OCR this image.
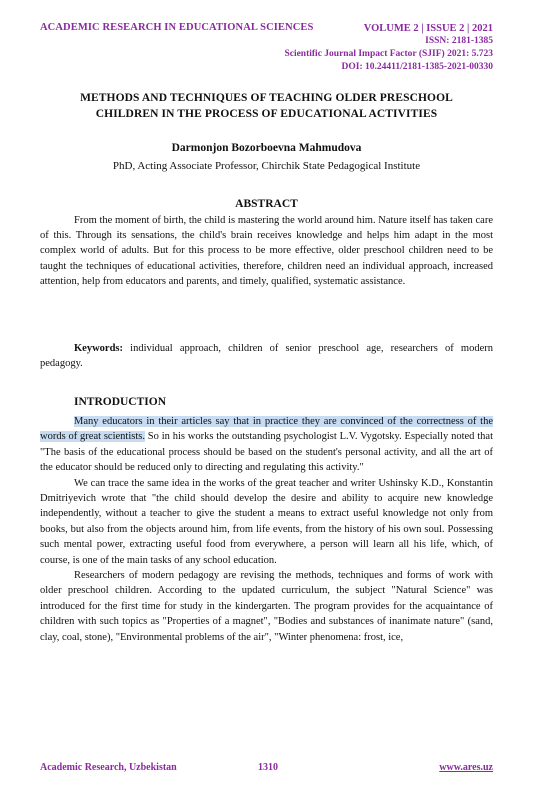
ACADEMIC RESEARCH IN EDUCATIONAL SCIENCES	VOLUME 2 | ISSUE 2 | 2021
ISSN: 2181-1385
Scientific Journal Impact Factor (SJIF) 2021: 5.723
DOI: 10.24411/2181-1385-2021-00330
METHODS AND TECHNIQUES OF TEACHING OLDER PRESCHOOL
CHILDREN IN THE PROCESS OF EDUCATIONAL ACTIVITIES
Darmonjon Bozorboevna Mahmudova
PhD, Acting Associate Professor, Chirchik State Pedagogical Institute
ABSTRACT

From the moment of birth, the child is mastering the world around him. Nature itself has taken care of this. Through its sensations, the child's brain receives knowledge and helps him adapt in the most complex world of adults. But for this process to be more effective, older preschool children need to be taught the techniques of educational activities, therefore, children need an individual approach, increased attention, help from educators and parents, and timely, qualified, systematic assistance.

Keywords: individual approach, children of senior preschool age, researchers of modern pedagogy.

INTRODUCTION

Many educators in their articles say that in practice they are convinced of the correctness of the words of great scientists. So in his works the outstanding psychologist L.V. Vygotsky. Especially noted that "The basis of the educational process should be based on the student's personal activity, and all the art of the educator should be reduced only to directing and regulating this activity."

We can trace the same idea in the works of the great teacher and writer Ushinsky K.D., Konstantin Dmitriyevich wrote that "the child should develop the desire and ability to acquire new knowledge independently, without a teacher to give the student a means to extract useful knowledge not only from books, but also from the objects around him, from life events, from the history of his own soul. Possessing such mental power, extracting useful food from everywhere, a person will learn all his life, which, of course, is one of the main tasks of any school education.

Researchers of modern pedagogy are revising the methods, techniques and forms of work with older preschool children. According to the updated curriculum, the subject "Natural Science" was introduced for the first time for study in the kindergarten. The program provides for the acquaintance of children with such topics as "Properties of a magnet", "Bodies and substances of inanimate nature" (sand, clay, coal, stone), "Environmental problems of the air", "Winter phenomena: frost, ice,

Academic Research, Uzbekistan	1310	www.ares.uz
